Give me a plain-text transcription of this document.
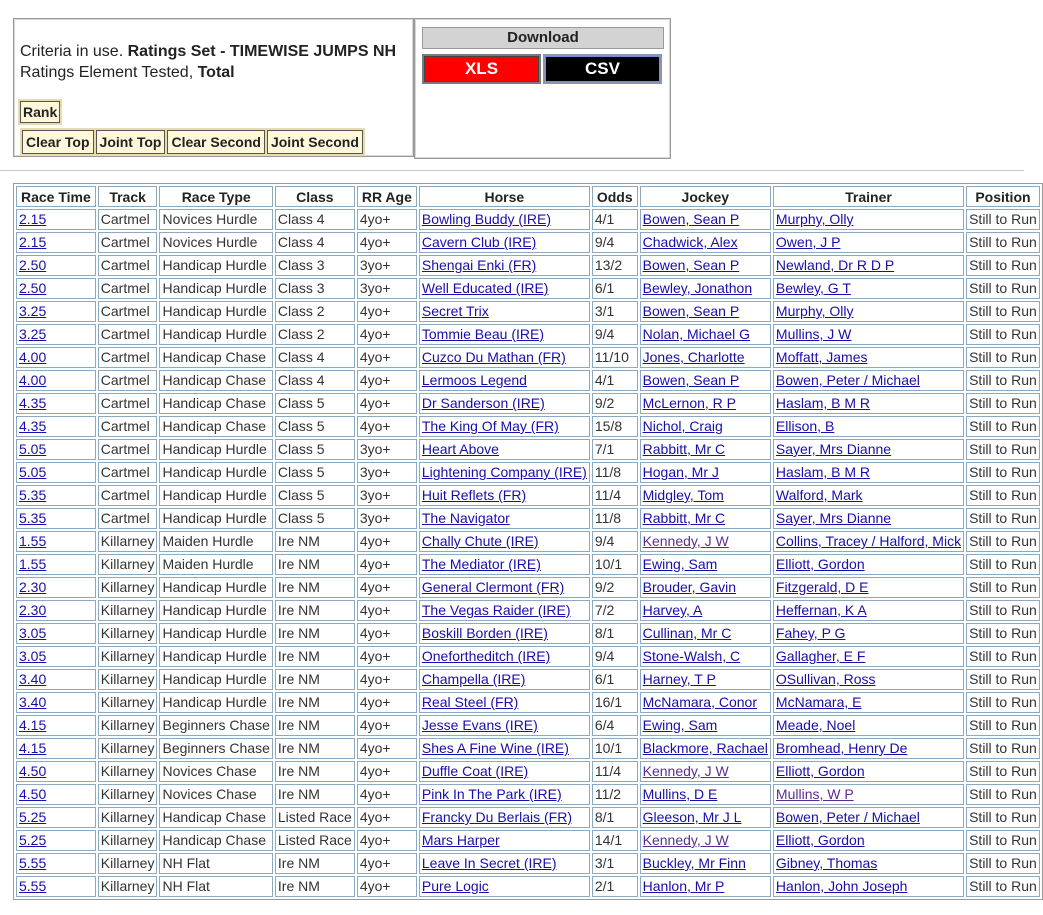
Criteria in use. Ratings Set - TIMEWISE JUMPS NH
Ratings Element Tested, Total
Rank
Clear Top Joint Top Clear Second Joint Second
Download
XLS	CSV
Race Time	Track	Race Type	Class	RR Age	Horse	Odds	Jockey	Trainer	Position
2.15	Cartmel	Novices Hurdle	Class 4	4yo+	Bowling Buddy (IRE)	4/1	Bowen, Sean P	Murphy, Olly	Still to Run
2.15	Cartmel	Novices Hurdle	Class 4	4yo+	Cavern Club (IRE)	9/4	Chadwick, Alex	Owen, J P	Still to Run
2.50	Cartmel	Handicap Hurdle	Class 3	3yo+	Shengai Enki (FR)	13/2	Bowen, Sean P	Newland, Dr R D P	Still to Run
2.50	Cartmel	Handicap Hurdle	Class 3	3yo+	Well Educated (IRE)	6/1	Bewley, Jonathon	Bewley, G T	Still to Run
3.25	Cartmel	Handicap Hurdle	Class 2	4yo+	Secret Trix	3/1	Bowen, Sean P	Murphy, Olly	Still to Run
3.25	Cartmel	Handicap Hurdle	Class 2	4yo+	Tommie Beau (IRE)	9/4	Nolan, Michael G	Mullins, J W	Still to Run
4.00	Cartmel	Handicap Chase	Class 4	4yo+	Cuzco Du Mathan (FR)	11/10	Jones, Charlotte	Moffatt, James	Still to Run
4.00	Cartmel	Handicap Chase	Class 4	4yo+	Lermoos Legend	4/1	Bowen, Sean P	Bowen, Peter / Michael	Still to Run
4.35	Cartmel	Handicap Chase	Class 5	4yo+	Dr Sanderson (IRE)	9/2	McLernon, R P	Haslam, B M R	Still to Run
4.35	Cartmel	Handicap Chase	Class 5	4yo+	The King Of May (FR)	15/8	Nichol, Craig	Ellison, B	Still to Run
5.05	Cartmel	Handicap Hurdle	Class 5	3yo+	Heart Above	7/1	Rabbitt, Mr C	Sayer, Mrs Dianne	Still to Run
5.05	Cartmel	Handicap Hurdle	Class 5	3yo+	Lightening Company (IRE)	11/8	Hogan, Mr J	Haslam, B M R	Still to Run
5.35	Cartmel	Handicap Hurdle	Class 5	3yo+	Huit Reflets (FR)	11/4	Midgley, Tom	Walford, Mark	Still to Run
5.35	Cartmel	Handicap Hurdle	Class 5	3yo+	The Navigator	11/8	Rabbitt, Mr C	Sayer, Mrs Dianne	Still to Run
1.55	Killarney	Maiden Hurdle	Ire NM	4yo+	Chally Chute (IRE)	9/4	Kennedy, J W	Collins, Tracey / Halford, Mick	Still to Run
1.55	Killarney	Maiden Hurdle	Ire NM	4yo+	The Mediator (IRE)	10/1	Ewing, Sam	Elliott, Gordon	Still to Run
2.30	Killarney	Handicap Hurdle	Ire NM	4yo+	General Clermont (FR)	9/2	Brouder, Gavin	Fitzgerald, D E	Still to Run
2.30	Killarney	Handicap Hurdle	Ire NM	4yo+	The Vegas Raider (IRE)	7/2	Harvey, A	Heffernan, K A	Still to Run
3.05	Killarney	Handicap Hurdle	Ire NM	4yo+	Boskill Borden (IRE)	8/1	Cullinan, Mr C	Fahey, P G	Still to Run
3.05	Killarney	Handicap Hurdle	Ire NM	4yo+	Onefortheditch (IRE)	9/4	Stone-Walsh, C	Gallagher, E F	Still to Run
3.40	Killarney	Handicap Hurdle	Ire NM	4yo+	Champella (IRE)	6/1	Harney, T P	OSullivan, Ross	Still to Run
3.40	Killarney	Handicap Hurdle	Ire NM	4yo+	Real Steel (FR)	16/1	McNamara, Conor	McNamara, E	Still to Run
4.15	Killarney	Beginners Chase	Ire NM	4yo+	Jesse Evans (IRE)	6/4	Ewing, Sam	Meade, Noel	Still to Run
4.15	Killarney	Beginners Chase	Ire NM	4yo+	Shes A Fine Wine (IRE)	10/1	Blackmore, Rachael	Bromhead, Henry De	Still to Run
4.50	Killarney	Novices Chase	Ire NM	4yo+	Duffle Coat (IRE)	11/4	Kennedy, J W	Elliott, Gordon	Still to Run
4.50	Killarney	Novices Chase	Ire NM	4yo+	Pink In The Park (IRE)	11/2	Mullins, D E	Mullins, W P	Still to Run
5.25	Killarney	Handicap Chase	Listed Race	4yo+	Francky Du Berlais (FR)	8/1	Gleeson, Mr J L	Bowen, Peter / Michael	Still to Run
5.25	Killarney	Handicap Chase	Listed Race	4yo+	Mars Harper	14/1	Kennedy, J W	Elliott, Gordon	Still to Run
5.55	Killarney	NH Flat	Ire NM	4yo+	Leave In Secret (IRE)	3/1	Buckley, Mr Finn	Gibney, Thomas	Still to Run
5.55	Killarney	NH Flat	Ire NM	4yo+	Pure Logic	2/1	Hanlon, Mr P	Hanlon, John Joseph	Still to Run
